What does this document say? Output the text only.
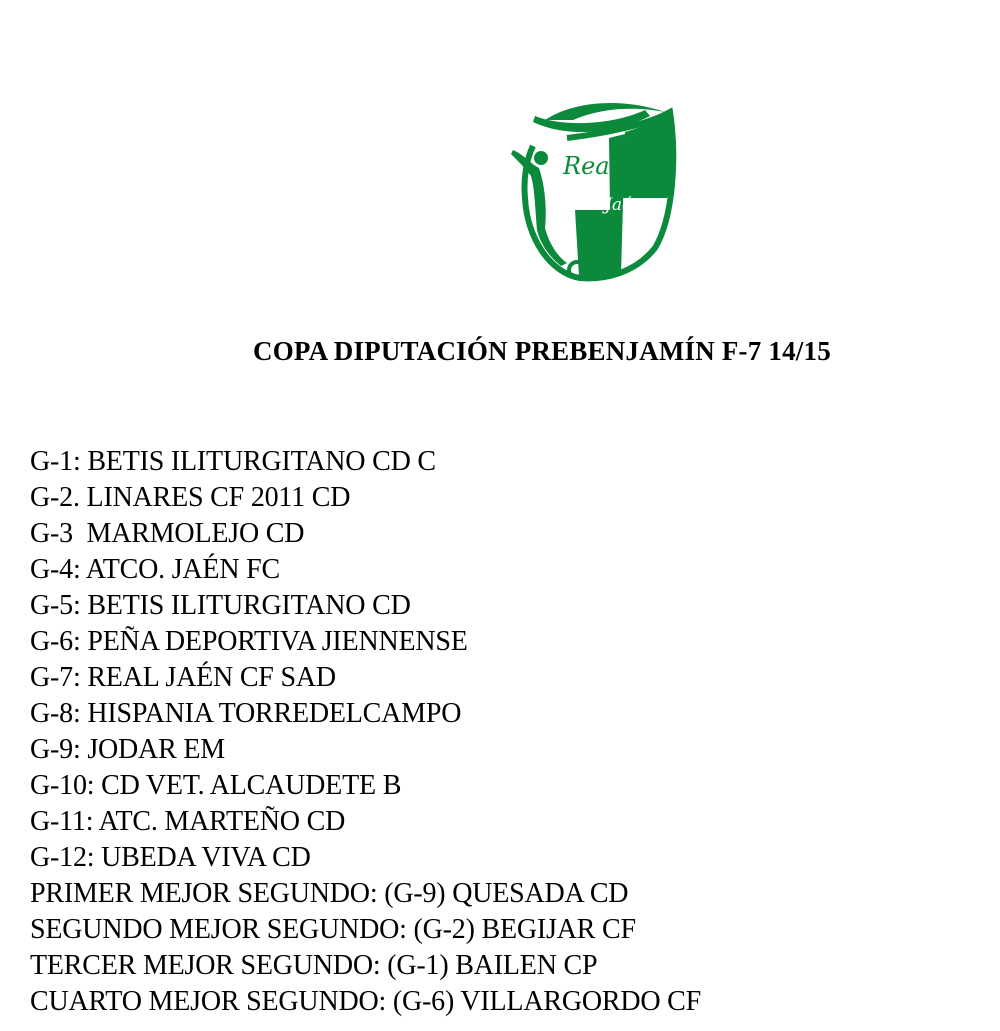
Real
Jaén
COPA DIPUTACIÓN PREBENJAMÍN F-7 14/15
G-1: BETIS ILITURGITANO CD C
G-2. LINARES CF 2011 CD
G-3  MARMOLEJO CD
G-4: ATCO. JAÉN FC
G-5: BETIS ILITURGITANO CD
G-6: PEÑA DEPORTIVA JIENNENSE
G-7: REAL JAÉN CF SAD
G-8: HISPANIA TORREDELCAMPO
G-9: JODAR EM
G-10: CD VET. ALCAUDETE B
G-11: ATC. MARTEÑO CD
G-12: UBEDA VIVA CD
PRIMER MEJOR SEGUNDO: (G-9) QUESADA CD
SEGUNDO MEJOR SEGUNDO: (G-2) BEGIJAR CF
TERCER MEJOR SEGUNDO: (G-1) BAILEN CP
CUARTO MEJOR SEGUNDO: (G-6) VILLARGORDO CF
